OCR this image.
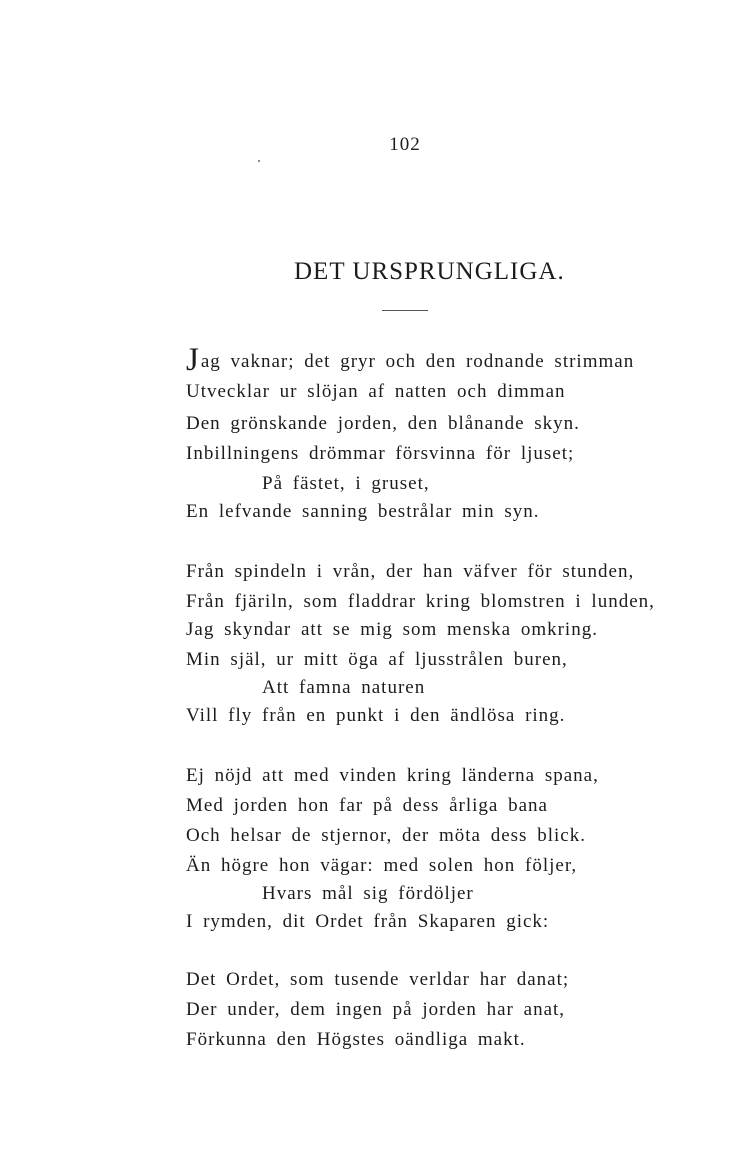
102
DET URSPRUNGLIGA.
Jag vaknar; det gryr och den rodnande strimman
Utvecklar ur slöjan af natten och dimman
Den grönskande jorden, den blånande skyn.
Inbillningens drömmar försvinna för ljuset;
På fästet, i gruset,
En lefvande sanning bestrålar min syn.
Från spindeln i vrån, der han väfver för stunden,
Från fjäriln, som fladdrar kring blomstren i lunden,
Jag skyndar att se mig som menska omkring.
Min själ, ur mitt öga af ljusstrålen buren,
Att famna naturen
Vill fly från en punkt i den ändlösa ring.
Ej nöjd att med vinden kring länderna spana,
Med jorden hon far på dess årliga bana
Och helsar de stjernor, der möta dess blick.
Än högre hon vägar: med solen hon följer,
Hvars mål sig fördöljer
I rymden, dit Ordet från Skaparen gick:
Det Ordet, som tusende verldar har danat;
Der under, dem ingen på jorden har anat,
Förkunna den Högstes oändliga makt.
